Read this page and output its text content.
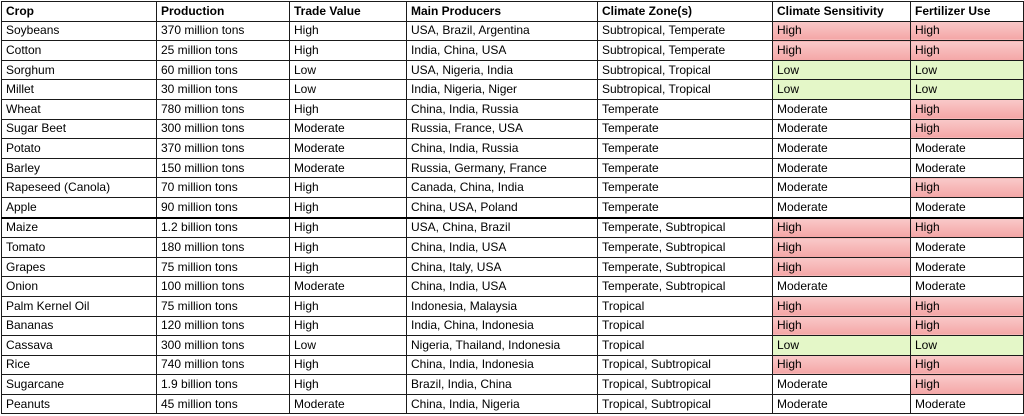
Crop	Production	Trade Value	Main Producers	Climate Zone(s)	Climate Sensitivity	Fertilizer Use
Soybeans	370 million tons	High	USA, Brazil, Argentina	Subtropical, Temperate	High	High
Cotton	25 million tons	High	India, China, USA	Subtropical, Temperate	High	High
Sorghum	60 million tons	Low	USA, Nigeria, India	Subtropical, Tropical	Low	Low
Millet	30 million tons	Low	India, Nigeria, Niger	Subtropical, Tropical	Low	Low
Wheat	780 million tons	High	China, India, Russia	Temperate	Moderate	High
Sugar Beet	300 million tons	Moderate	Russia, France, USA	Temperate	Moderate	High
Potato	370 million tons	Moderate	China, India, Russia	Temperate	Moderate	Moderate
Barley	150 million tons	Moderate	Russia, Germany, France	Temperate	Moderate	Moderate
Rapeseed (Canola)	70 million tons	High	Canada, China, India	Temperate	Moderate	High
Apple	90 million tons	High	China, USA, Poland	Temperate	Moderate	Moderate
Maize	1.2 billion tons	High	USA, China, Brazil	Temperate, Subtropical	High	High
Tomato	180 million tons	High	China, India, USA	Temperate, Subtropical	High	Moderate
Grapes	75 million tons	High	China, Italy, USA	Temperate, Subtropical	High	Moderate
Onion	100 million tons	Moderate	China, India, USA	Temperate, Subtropical	Moderate	Moderate
Palm Kernel Oil	75 million tons	High	Indonesia, Malaysia	Tropical	High	High
Bananas	120 million tons	High	India, China, Indonesia	Tropical	High	High
Cassava	300 million tons	Low	Nigeria, Thailand, Indonesia	Tropical	Low	Low
Rice	740 million tons	High	China, India, Indonesia	Tropical, Subtropical	High	High
Sugarcane	1.9 billion tons	High	Brazil, India, China	Tropical, Subtropical	Moderate	High
Peanuts	45 million tons	Moderate	China, India, Nigeria	Tropical, Subtropical	Moderate	Moderate
